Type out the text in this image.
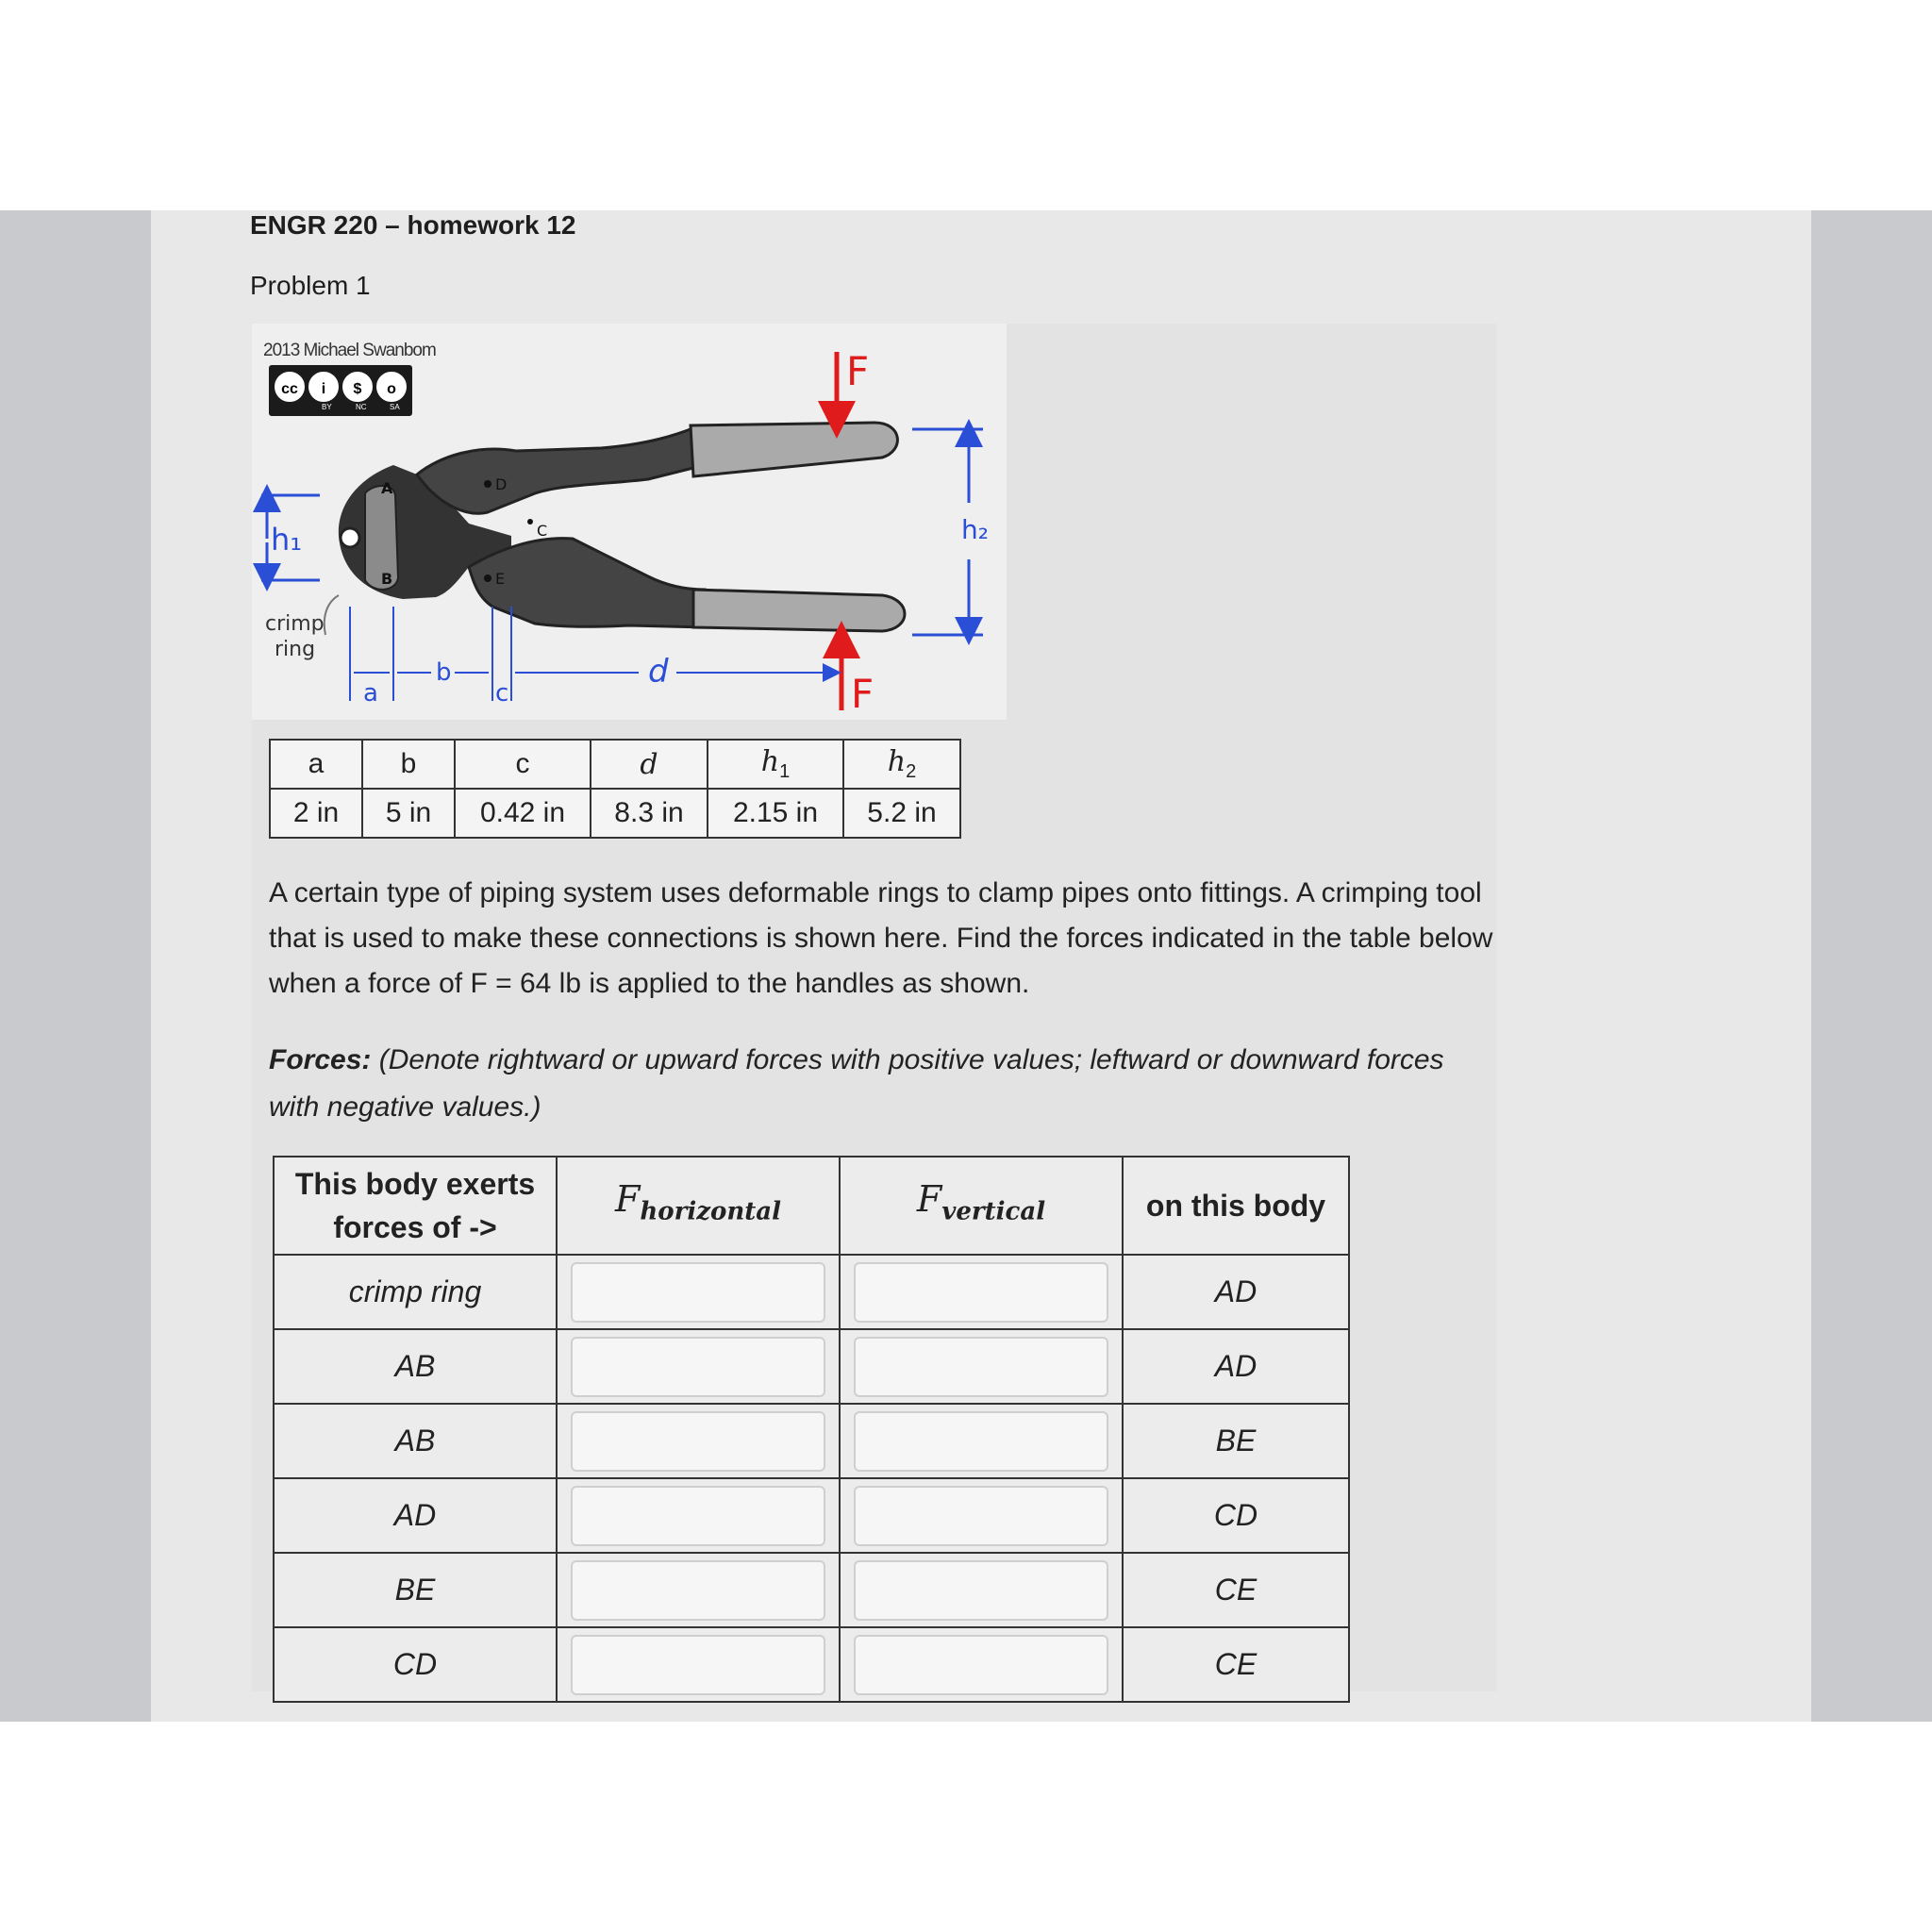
ENGR 220 – homework 12
Problem 1
2013 Michael Swanbom
cc	i	$	o
BY	NC	SA
A
B
C
D
E
h₁	h₂
F
F
crimp
ring
a
b
c
d
a	b	c	d	$h_1$	$h_2$
2 in	5 in	0.42 in	8.3 in	2.15 in	5.2 in
A certain type of piping system uses deformable rings to clamp pipes onto fittings. A crimping tool that is used to make these connections is shown here. Find the forces indicated in the table below when a force of F = 64 lb is applied to the handles as shown.
Forces: (Denote rightward or upward forces with positive values; leftward or downward forces with negative values.)
This body exerts
forces of ->	$F_{horizontal}$	$F_{vertical}$	on this body
crimp ring			AD
AB			AD
AB			BE
AD			CD
BE			CE
CD			CE
